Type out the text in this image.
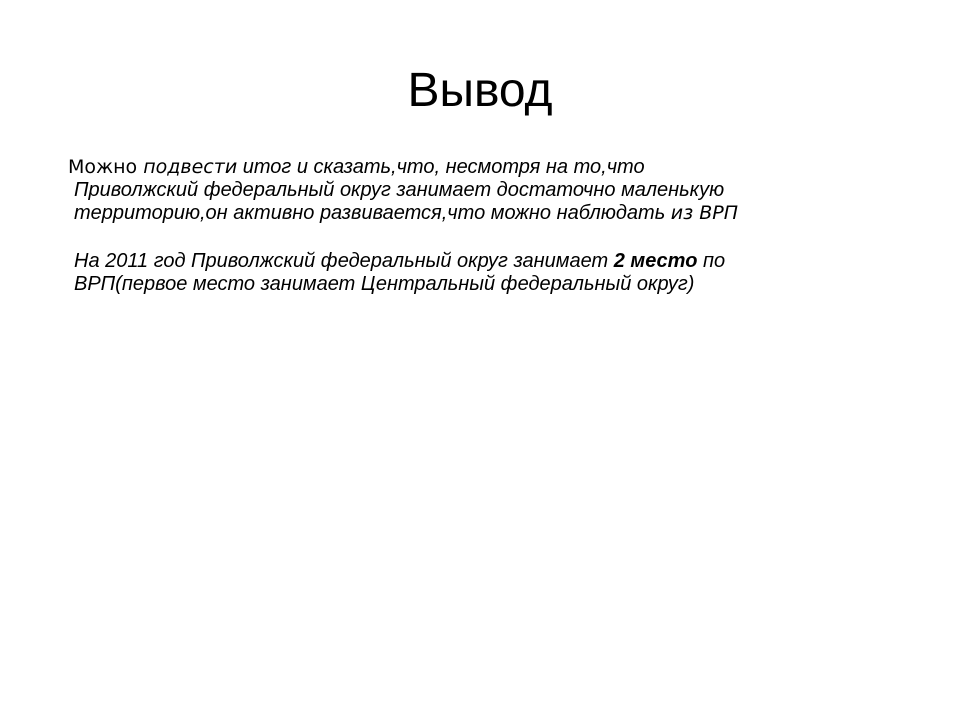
Вывод

Можно подвести итог и сказать,что, несмотря на то,что
Приволжский федеральный округ занимает достаточно маленькую
территорию,он активно развивается,что можно наблюдать из ВРП

На 2011 год Приволжский федеральный округ занимает 2 место по
ВРП(первое место занимает Центральный федеральный округ)
